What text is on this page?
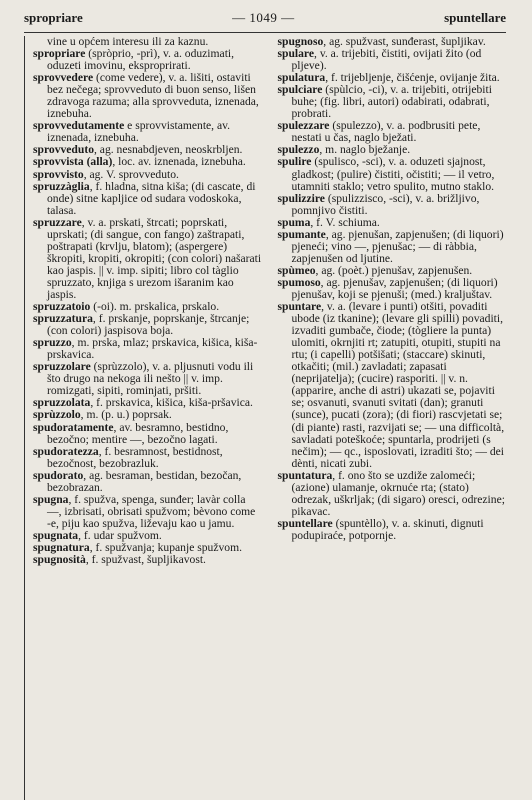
spropriare	— 1049 —	spuntellare

vine u općem interesu ili za kaznu.

spropriare (spròprio, -prì), v. a. oduzimati, oduzeti imovinu, eksproprirati.

sprovvedere (come vedere), v. a. lišiti, ostaviti bez nečega; sprovveduto di buon senso, lišen zdravoga razuma; alla sprovveduta, iznenada, iznebuha.

sprovvedutamente e sprovvistamente, av. iznenada, iznebuha.

sprovveduto, ag. nesnabdjeven, neoskrbljen.

sprovvista (alla), loc. av. iznenada, iznebuha.

sprovvisto, ag. V. sprovveduto.

spruzzàglia, f. hladna, sitna kiša; (di cascate, di onde) sitne kapljice od sudara vodoskoka, talasa.

spruzzare, v. a. prskati, štrcati; poprskati, uprskati; (di sangue, con fango) zaštrapati, poštrapati (krvlju, blatom); (aspergere) škropiti, kropiti, okropiti; (con colori) našarati kao jaspis. || v. imp. sipiti; libro col tàglio spruzzato, knjiga s urezom išaranim kao jaspis.

spruzzatoio (-oi). m. prskalica, prskalo.

spruzzatura, f. prskanje, poprskanje, štrcanje; (con colori) jaspisova boja.

spruzzo, m. prska, mlaz; prskavica, kišica, kiša-prskavica.

spruzzolare (sprùzzolo), v. a. pljusnuti vodu ili što drugo na nekoga ili nešto || v. imp. romizgati, sipiti, rominjati, pršiti.

spruzzolata, f. prskavica, kišica, kiša-pršavica.

sprùzzolo, m. (p. u.) poprsak.

spudoratamente, av. besramno, bestidno, bezočno; mentire —, bezočno lagati.

spudoratezza, f. besramnost, bestidnost, bezočnost, bezobrazluk.

spudorato, ag. besraman, bestidan, bezočan, bezobrazan.

spugna, f. spužva, spenga, sunđer; lavàr colla —, izbrisati, obrisati spužvom; bèvono come -e, piju kao spužva, liževaju kao u jamu.

spugnata, f. udar spužvom.

spugnatura, f. spužvanja; kupanje spužvom.

spugnosità, f. spužvast, šupljikavost.

spugnoso, ag. spužvast, sunđerast, šupljikav.

spulare, v. a. trijebiti, čistiti, ovijati žito (od pljeve).

spulatura, f. trijebljenje, čišćenje, ovijanje žita.

spulciare (spùlcio, -ci), v. a. trijebiti, otrijebiti buhe; (fig. libri, autori) odabirati, odabrati, probrati.

spulezzare (spulezzo), v. a. podbrusiti pete, nestati u čas, naglo bježati.

spulezzo, m. naglo bježanje.

spulire (spulisco, -sci), v. a. oduzeti sjajnost, gladkost; (pulire) čistiti, očistiti; — il vetro, utamniti staklo; vetro spulito, mutno staklo.

spulizzire (spulizzisco, -sci), v. a. brižljivo, pomnjivo čistiti.

spuma, f. V. schiuma.

spumante, ag. pjenušan, zapjenušen; (di liquori) pjeneći; vino —, pjenušac; — di ràbbia, zapjenušen od ljutine.

spùmeo, ag. (poèt.) pjenušav, zapjenušen.

spumoso, ag. pjenušav, zapjenušen; (di liquori) pjenušav, koji se pjenuši; (med.) kraljuštav.

spuntare, v. a. (levare i punti) otšiti, povaditi ubode (iz tkanine); (levare gli spilli) povaditi, izvaditi gumbače, čiode; (tògliere la punta) ulomiti, okrnjiti rt; zatupiti, otupiti, stupiti na rtu; (i capelli) potšišati; (staccare) skinuti, otkačiti; (mil.) zavladati; zapasati (neprijatelja); (cucire) rasporiti. || v. n. (apparire, anche di astri) ukazati se, pojaviti se; osvanuti, svanuti svitati (dan); granuti (sunce), pucati (zora); (di fiori) rascvjetati se; (di piante) rasti, razvijati se; — una difficoltà, savladati poteškoće; spuntarla, prodrijeti (s nečim); — qc., isposlovati, izraditi što; — dei dènti, nicati zubi.

spuntatura, f. ono što se uzdiže zalomeći; (azione) ulamanje, okrnuće rta; (stato) odrezak, uškrljak; (di sigaro) oresci, odrezine; pikavac.

spuntellare (spuntèllo), v. a. skinuti, dignuti podupiraće, potpornje.
